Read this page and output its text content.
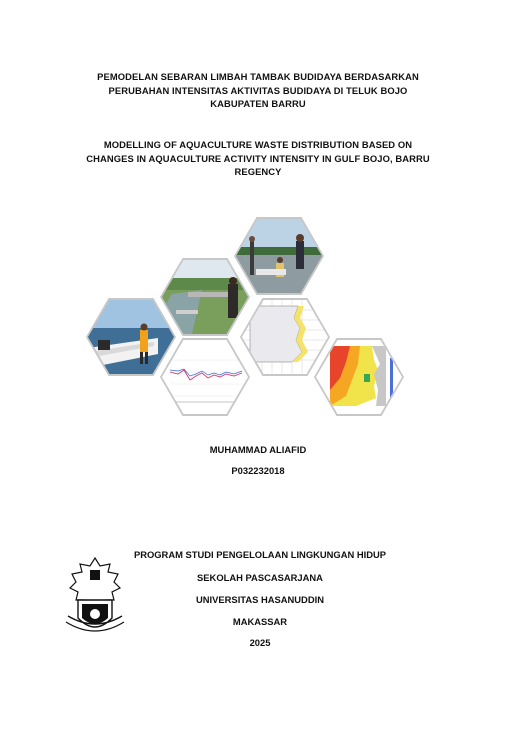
PEMODELAN SEBARAN LIMBAH TAMBAK BUDIDAYA BERDASARKAN
PERUBAHAN INTENSITAS AKTIVITAS BUDIDAYA DI TELUK BOJO
KABUPATEN BARRU
MODELLING OF AQUACULTURE WASTE DISTRIBUTION BASED ON
CHANGES IN AQUACULTURE ACTIVITY INTENSITY IN GULF BOJO, BARRU
REGENCY
MUHAMMAD ALIAFID
P032232018
PROGRAM STUDI PENGELOLAAN LINGKUNGAN HIDUP
SEKOLAH PASCASARJANA
UNIVERSITAS HASANUDDIN
MAKASSAR
2025
